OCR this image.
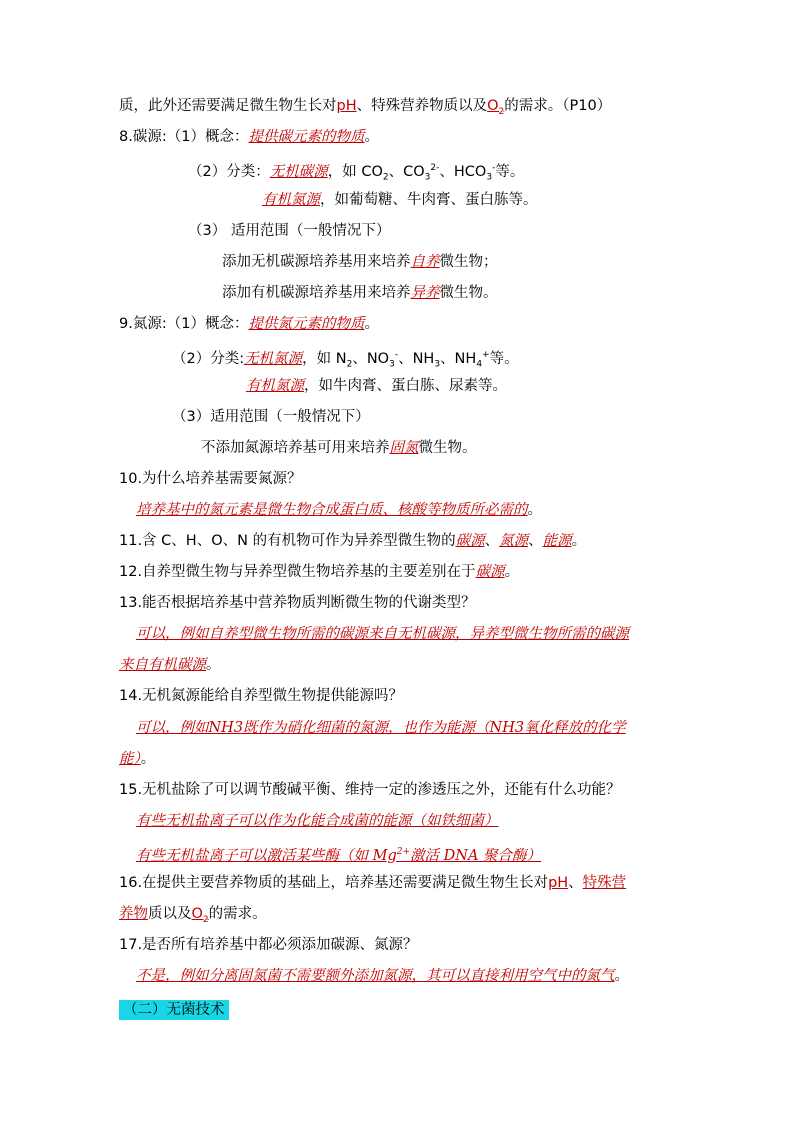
质，此外还需要满足微生物生长对pH、特殊营养物质以及$O_2$的需求。（P10）
8.碳源:（1）概念：提供碳元素的物质。
（2）分类：无机碳源，如 $CO_2$、$CO_3^{2-}$、$HCO_3^-$等。
有机氮源，如葡萄糖、牛肉膏、蛋白胨等。
（3） 适用范围（一般情况下）
添加无机碳源培养基用来培养自养微生物；
添加有机碳源培养基用来培养异养微生物。
9.氮源:（1）概念：提供氮元素的物质。
（2）分类:无机氮源，如 $N_2$、$NO_3^-$、$NH_3$、$NH_4^+$等。
有机氮源，如牛肉膏、蛋白胨、尿素等。
（3）适用范围（一般情况下）
不添加氮源培养基可用来培养固氮微生物。
10.为什么培养基需要氮源？
培养基中的氮元素是微生物合成蛋白质、核酸等物质所必需的。
11.含 C、H、O、N 的有机物可作为异养型微生物的碳源、氮源、能源。
12.自养型微生物与异养型微生物培养基的主要差别在于碳源。
13.能否根据培养基中营养物质判断微生物的代谢类型？
可以，例如自养型微生物所需的碳源来自无机碳源，异养型微生物所需的碳源
来自有机碳源。
14.无机氮源能给自养型微生物提供能源吗？
可以，例如NH3既作为硝化细菌的氮源，也作为能源（NH3氧化释放的化学
能）。
15.无机盐除了可以调节酸碱平衡、维持一定的渗透压之外，还能有什么功能？
有些无机盐离子可以作为化能合成菌的能源（如铁细菌）
有些无机盐离子可以激活某些酶（如 $Mg^{2+}$激活 DNA 聚合酶）
16.在提供主要营养物质的基础上，培养基还需要满足微生物生长对pH、特殊营
养物质以及$O_2$的需求。
17.是否所有培养基中都必须添加碳源、氮源？
不是，例如分离固氮菌不需要额外添加氮源，其可以直接利用空气中的氮气。
（二）无菌技术
